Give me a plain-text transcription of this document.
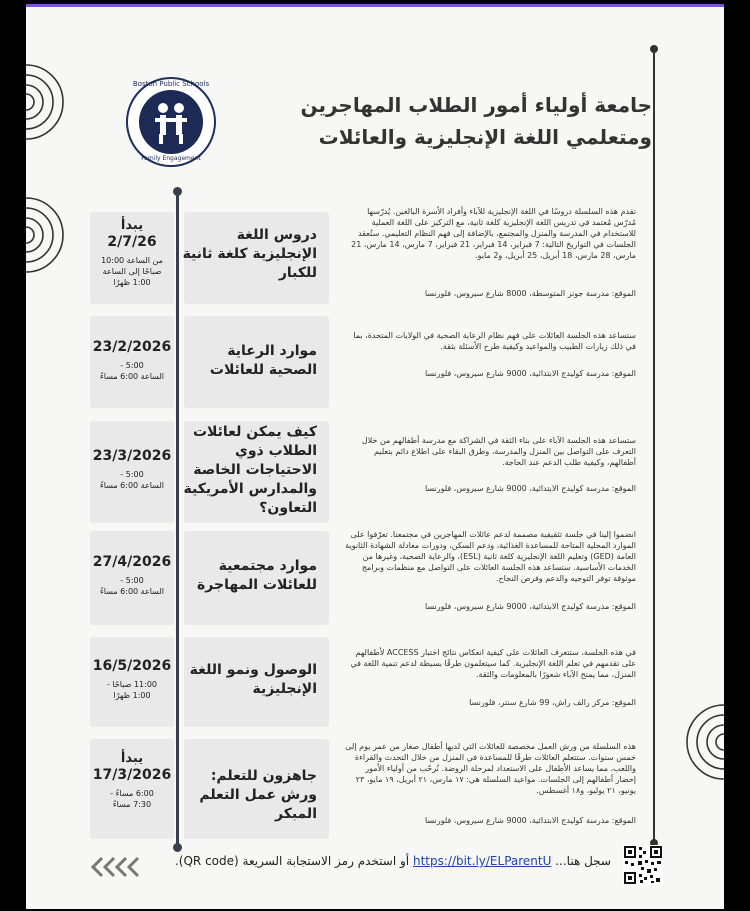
Boston Public Schools
Family Engagement
جامعة أولياء أمور الطلاب المهاجرين
ومتعلمي اللغة الإنجليزية والعائلات
يبدأ
2/7/26
من الساعة 10:00
صباحًا إلى الساعة
1:00 ظهرًا
دروس اللغة الإنجليزية كلغة ثانية للكبار
تقدم هذه السلسلة دروسًا في اللغة الإنجليزية للآباء وأفراد الأسرة البالغين. يُدرّسها مُدرّس مُعتمد في تدريس اللغة الإنجليزية كلغة ثانية، مع التركيز على اللغة العملية للاستخدام في المدرسة والمنزل والمجتمع، بالإضافة إلى فهم النظام التعليمي. ستُعقد الجلسات في التواريخ التالية: 7 فبراير، 14 فبراير، 21 فبراير، 7 مارس، 14 مارس، 21 مارس، 28 مارس، 18 أبريل، 25 أبريل، و2 مايو.
الموقع: مدرسة جونز المتوسطة، 8000 شارع سيروس، فلورنسا
23/2/2026
5:00 -
الساعة 6:00 مساءً
موارد الرعاية الصحية للعائلات
ستساعد هذه الجلسة العائلات على فهم نظام الرعاية الصحية في الولايات المتحدة، بما في ذلك زيارات الطبيب والمواعيد وكيفية طرح الأسئلة بثقة.
الموقع: مدرسة كوليدج الابتدائية، 9000 شارع سيروس، فلورنسا
23/3/2026
5:00 -
الساعة 6:00 مساءً
كيف يمكن لعائلات الطلاب ذوي الاحتياجات الخاصة والمدارس الأمريكية التعاون؟
ستساعد هذه الجلسة الآباء على بناء الثقة في الشراكة مع مدرسة أطفالهم من خلال التعرف على التواصل بين المنزل والمدرسة، وطرق البقاء على اطلاع دائم بتعليم أطفالهم، وكيفية طلب الدعم عند الحاجة.
الموقع: مدرسة كوليدج الابتدائية، 9000 شارع سيروس، فلورنسا
27/4/2026
5:00 -
الساعة 6:00 مساءً
موارد مجتمعية للعائلات المهاجرة
انضموا إلينا في جلسة تثقيفية مصممة لدعم عائلات المهاجرين في مجتمعنا. تعرّفوا على الموارد المحلية المتاحة للمساعدة الغذائية، ودعم السكن، ودورات معادلة الشهادة الثانوية العامة (GED) وتعليم اللغة الإنجليزية كلغة ثانية (ESL)، والرعاية الصحية، وغيرها من الخدمات الأساسية. ستساعد هذه الجلسة العائلات على التواصل مع منظمات وبرامج موثوقة توفر التوجيه والدعم وفرص النجاح.
الموقع: مدرسة كوليدج الابتدائية، 9000 شارع سيروس، فلورنسا
16/5/2026
11:00 صباحًا -
1:00 ظهرًا
الوصول ونمو اللغة الإنجليزية
في هذه الجلسة، ستتعرف العائلات على كيفية انعكاس نتائج اختبار ACCESS لأطفالهم على تقدمهم في تعلم اللغة الإنجليزية. كما سيتعلمون طرقًا بسيطة لدعم تنمية اللغة في المنزل، مما يمنح الآباء شعورًا بالمعلومات والثقة.
الموقع: مركز رالف راش، 99 شارع سنتر، فلورنسا
يبدأ
17/3/2026
6:00 مساءً -
7:30 مساءً
جاهزون للتعلم: ورش عمل التعلم المبكر
هذه السلسلة من ورش العمل مخصصة للعائلات التي لديها أطفال صغار من عمر يوم إلى خمس سنوات. ستتعلم العائلات طرقًا للمساعدة في المنزل من خلال التحدث والقراءة واللعب، مما يساعد الأطفال على الاستعداد لمرحلة الروضة. نُرحّب من أولياء الأمور إحضار أطفالهم إلى الجلسات. مواعيد السلسلة هي: ١٧ مارس، ٢١ أبريل، ١٩ مايو، ٢٣ يونيو، ٢١ يوليو، و١٨ أغسطس.
الموقع: مدرسة كوليدج الابتدائية، 9000 شارع سيروس، فلورنسا
سجل هنا... https://bit.ly/ELParentU أو استخدم رمز الاستجابة السريعة (QR code).
